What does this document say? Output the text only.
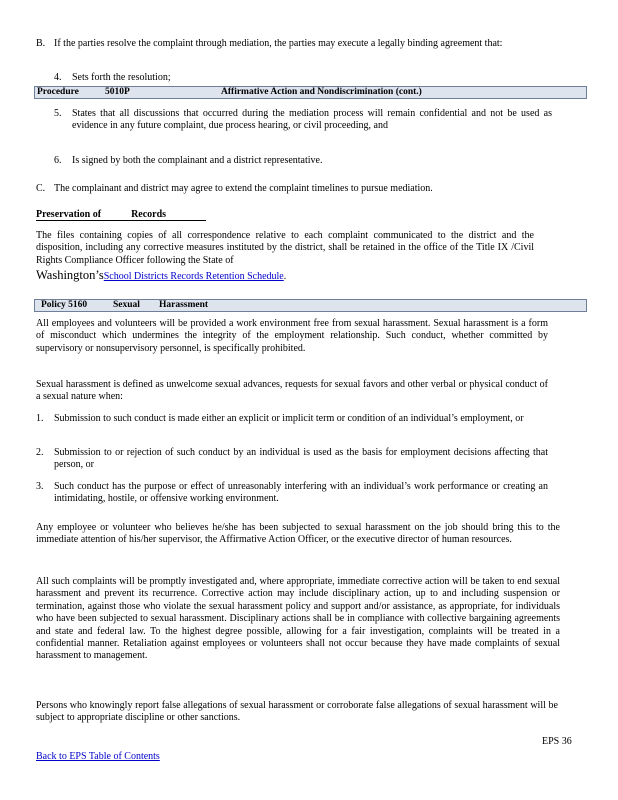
B. If the parties resolve the complaint through mediation, the parties may execute a legally binding agreement that:

4. Sets forth the resolution;
Procedure	5010P	Affirmative Action and Nondiscrimination (cont.)
5. States that all discussions that occurred during the mediation process will remain confidential and not be used as evidence in any future complaint, due process hearing, or civil proceeding, and

6. Is signed by both the complainant and a district representative.
C. The complainant and district may agree to extend the complaint timelines to pursue mediation.
Preservation of	Records

The files containing copies of all correspondence relative to each complaint communicated to the district and the disposition, including any corrective measures instituted by the district, shall be retained in the office of the Title IX /Civil Rights Compliance Officer following the State of

Washington’sSchool Districts Records Retention Schedule.
Policy 5160	Sexual Harassment

All employees and volunteers will be provided a work environment free from sexual harassment. Sexual harassment is a form of misconduct which undermines the integrity of the employment relationship. Such conduct, whether committed by supervisory or nonsupervisory personnel, is specifically prohibited.

Sexual harassment is defined as unwelcome sexual advances, requests for sexual favors and other verbal or physical conduct of a sexual nature when:

1. Submission to such conduct is made either an explicit or implicit term or condition of an individual’s employment, or

2. Submission to or rejection of such conduct by an individual is used as the basis for employment decisions affecting that person, or

3. Such conduct has the purpose or effect of unreasonably interfering with an individual’s work performance or creating an intimidating, hostile, or offensive working environment.

Any employee or volunteer who believes he/she has been subjected to sexual harassment on the job should bring this to the immediate attention of his/her supervisor, the Affirmative Action Officer, or the executive director of human resources.

All such complaints will be promptly investigated and, where appropriate, immediate corrective action will be taken to end sexual harassment and prevent its recurrence. Corrective action may include disciplinary action, up to and including suspension or termination, against those who violate the sexual harassment policy and support and/or assistance, as appropriate, for individuals who have been subjected to sexual harassment. Disciplinary actions shall be in compliance with collective bargaining agreements and state and federal law. To the highest degree possible, allowing for a fair investigation, complaints will be treated in a confidential manner. Retaliation against employees or volunteers shall not occur because they have made complaints of sexual harassment to management.

Persons who knowingly report false allegations of sexual harassment or corroborate false allegations of sexual harassment will be subject to appropriate discipline or other sanctions.

EPS 36
Back to EPS Table of Contents
